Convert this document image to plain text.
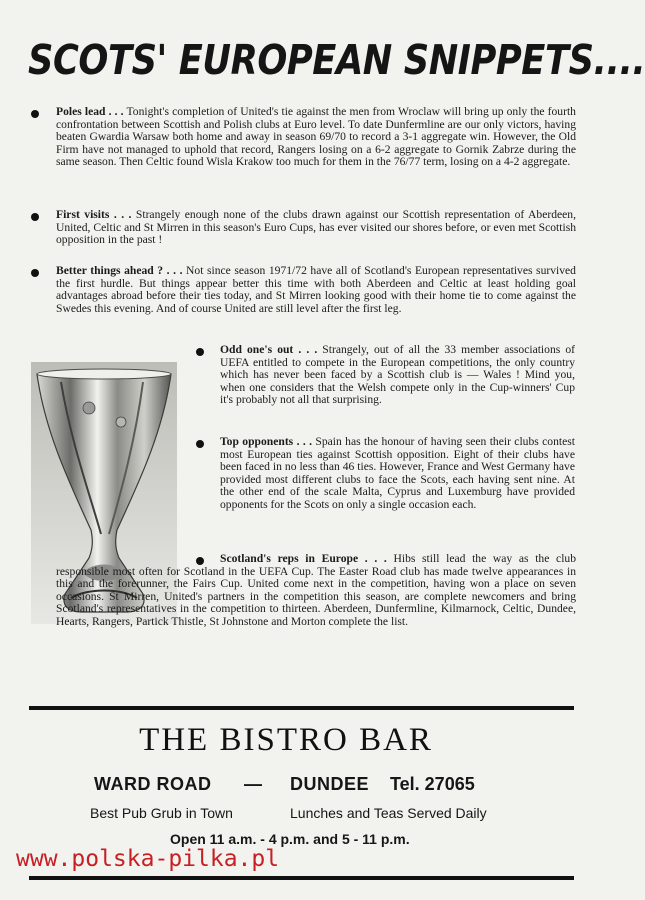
SCOTS' EUROPEAN SNIPPETS....

Poles lead . . . Tonight's completion of United's tie against the men from Wroclaw will bring up only the fourth confrontation between Scottish and Polish clubs at Euro level. To date Dunfermline are our only victors, having beaten Gwardia Warsaw both home and away in season 69/70 to record a 3-1 aggregate win. However, the Old Firm have not managed to uphold that record, Rangers losing on a 6-2 aggregate to Gornik Zabrze during the same season. Then Celtic found Wisla Krakow too much for them in the 76/77 term, losing on a 4-2 aggregate.

First visits . . . Strangely enough none of the clubs drawn against our Scottish representation of Aberdeen, United, Celtic and St Mirren in this season's Euro Cups, has ever visited our shores before, or even met Scottish opposition in the past !

Better things ahead ? . . . Not since season 1971/72 have all of Scotland's European representatives survived the first hurdle. But things appear better this time with both Aberdeen and Celtic at least holding goal advantages abroad before their ties today, and St Mirren looking good with their home tie to come against the Swedes this evening. And of course United are still level after the first leg.

Odd one's out . . . Strangely, out of all the 33 member associations of UEFA entitled to compete in the European competitions, the only country which has never been faced by a Scottish club is — Wales ! Mind you, when one considers that the Welsh compete only in the Cup-winners' Cup it's probably not all that surprising.

Top opponents . . . Spain has the honour of having seen their clubs contest most European ties against Scottish opposition. Eight of their clubs have been faced in no less than 46 ties. However, France and West Germany have provided most different clubs to face the Scots, each having sent nine. At the other end of the scale Malta, Cyprus and Luxemburg have provided opponents for the Scots on only a single occasion each.

Scotland's reps in Europe . . . Hibs still lead the way as the club responsible most often for Scotland in the UEFA Cup. The Easter Road club has made twelve appearances in this and the forerunner, the Fairs Cup. United come next in the competition, having won a place on seven occasions. St Mirren, United's partners in the competition this season, are complete newcomers and bring Scotland's representatives in the competition to thirteen. Aberdeen, Dunfermline, Kilmarnock, Celtic, Dundee, Hearts, Rangers, Partick Thistle, St Johnstone and Morton complete the list.

THE BISTRO BAR
WARD ROAD — DUNDEE Tel. 27065
Best Pub Grub in Town	Lunches and Teas Served Daily
Open 11 a.m. - 4 p.m. and 5 - 11 p.m.
www.polska-pilka.pl
